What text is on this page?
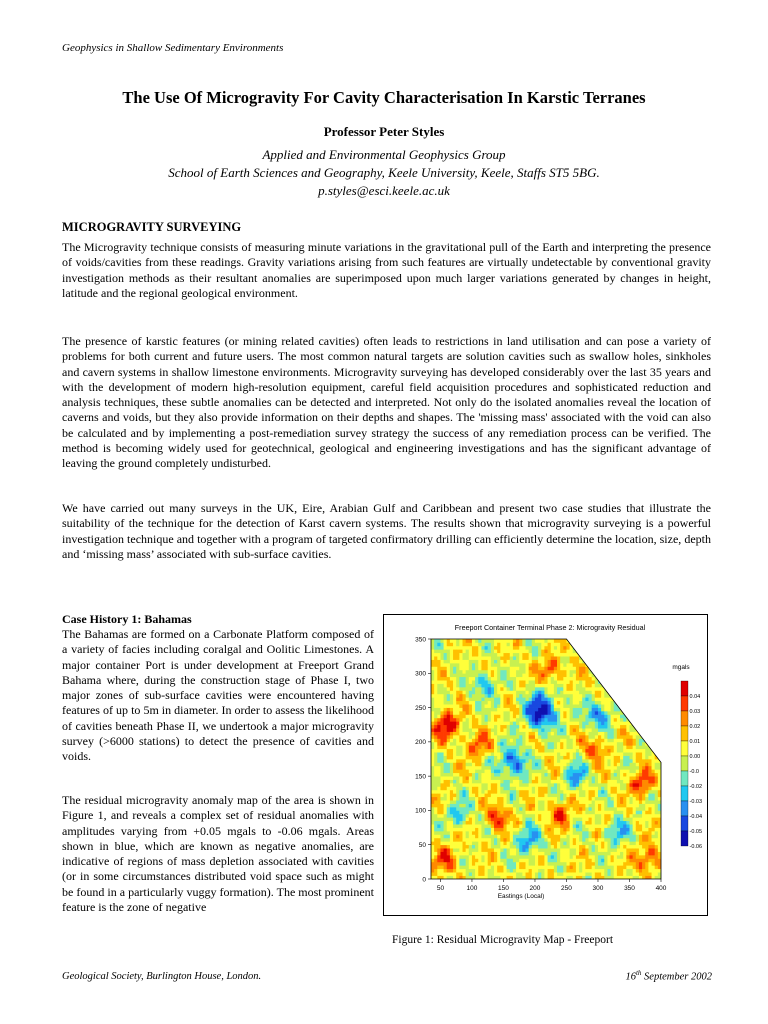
Geophysics in Shallow Sedimentary Environments
The Use Of Microgravity For Cavity Characterisation In Karstic Terranes
Professor Peter Styles
Applied and Environmental Geophysics Group
School of Earth Sciences and Geography, Keele University, Keele, Staffs ST5 5BG.
p.styles@esci.keele.ac.uk
MICROGRAVITY SURVEYING

The Microgravity technique consists of measuring minute variations in the gravitational pull of the Earth and interpreting the presence of voids/cavities from these readings. Gravity variations arising from such features are virtually undetectable by conventional gravity investigation methods as their resultant anomalies are superimposed upon much larger variations generated by changes in height, latitude and the regional geological environment.

The presence of karstic features (or mining related cavities) often leads to restrictions in land utilisation and can pose a variety of problems for both current and future users. The most common natural targets are solution cavities such as swallow holes, sinkholes and cavern systems in shallow limestone environments. Microgravity surveying has developed considerably over the last 35 years and with the development of modern high-resolution equipment, careful field acquisition procedures and sophisticated reduction and analysis techniques, these subtle anomalies can be detected and interpreted. Not only do the isolated anomalies reveal the location of caverns and voids, but they also provide information on their depths and shapes. The 'missing mass' associated with the void can also be calculated and by implementing a post-remediation survey strategy the success of any remediation process can be verified. The method is becoming widely used for geotechnical, geological and engineering investigations and has the significant advantage of leaving the ground completely undisturbed.

We have carried out many surveys in the UK, Eire, Arabian Gulf and Caribbean and present two case studies that illustrate the suitability of the technique for the detection of Karst cavern systems. The results shown that microgravity surveying is a powerful investigation technique and together with a program of targeted confirmatory drilling can efficiently determine the location, size, depth and ‘missing mass’ associated with sub-surface cavities.

Case History 1: Bahamas

The Bahamas are formed on a Carbonate Platform composed of a variety of facies including coralgal and Oolitic Limestones. A major container Port is under development at Freeport Grand Bahama where, during the construction stage of Phase I, two major zones of sub-surface cavities were encountered having features of up to 5m in diameter. In order to assess the likelihood of cavities beneath Phase II, we undertook a major microgravity survey (>6000 stations) to detect the presence of cavities and voids.

The residual microgravity anomaly map of the area is shown in Figure 1, and reveals a complex set of residual anomalies with amplitudes varying from +0.05 mgals to -0.06 mgals. Areas shown in blue, which are known as negative anomalies, are indicative of regions of mass depletion associated with cavities (or in some circumstances distributed void space such as might be found in a particularly vuggy formation). The most prominent feature is the zone of negative

Freeport Container Terminal Phase 2: Microgravity Residual
50	100	150	200	250	300	350	400
0
50
100
150
200
250
300
350
Eastings (Local)
mgals
0.04
0.03
0.02
0.01
0.00
-0.0
-0.02
-0.03
-0.04
-0.05
-0.06
Figure 1: Residual Microgravity Map - Freeport
Geological Society, Burlington House, London.	16th September 2002
